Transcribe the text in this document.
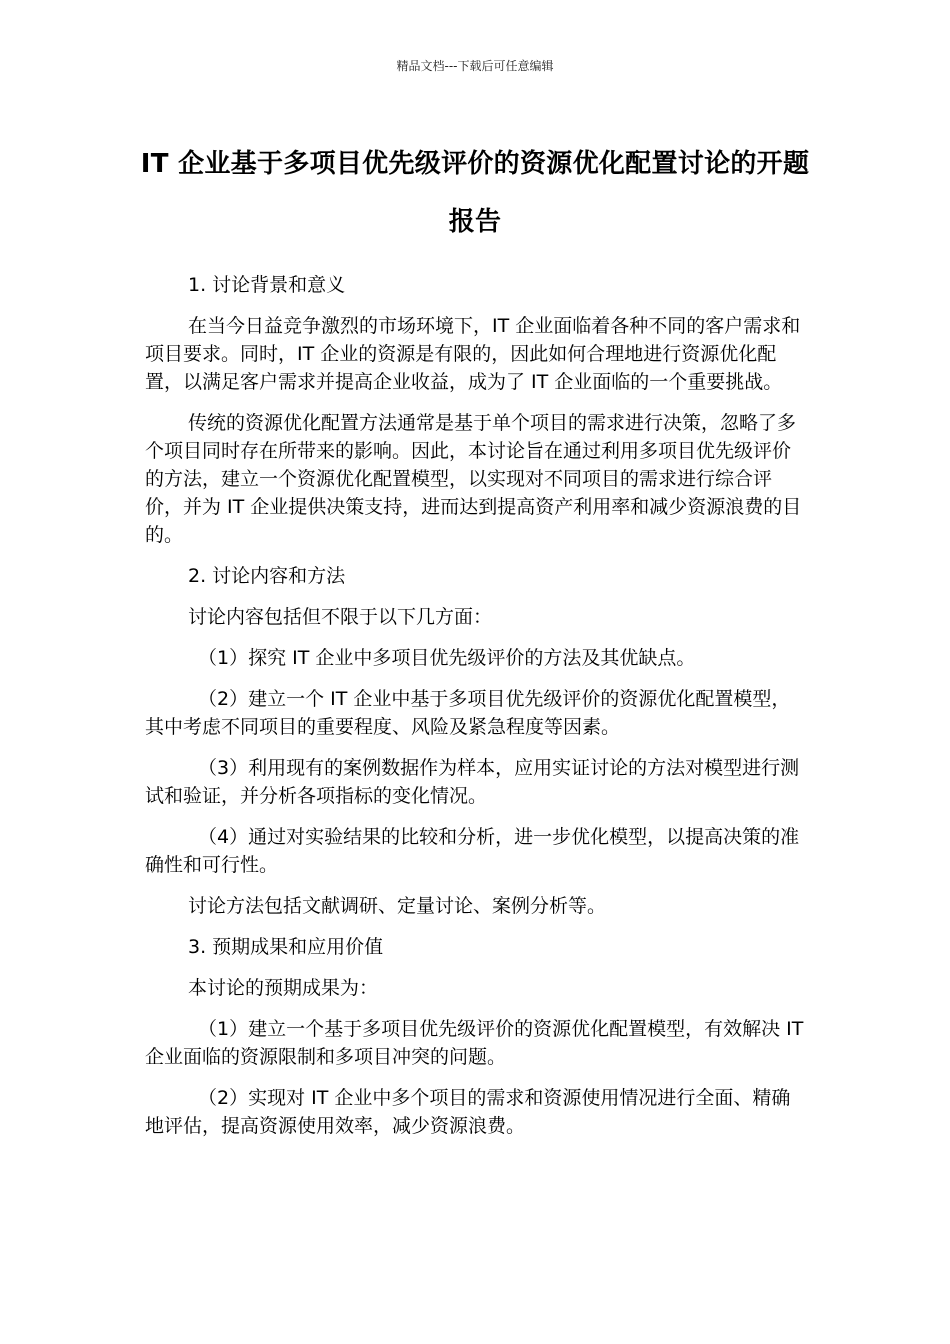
精品文档---下载后可任意编辑
IT 企业基于多项目优先级评价的资源优化配置讨论的开题报告

1. 讨论背景和意义

在当今日益竞争激烈的市场环境下，IT 企业面临着各种不同的客户需求和项目要求。同时，IT 企业的资源是有限的，因此如何合理地进行资源优化配置，以满足客户需求并提高企业收益，成为了 IT 企业面临的一个重要挑战。

传统的资源优化配置方法通常是基于单个项目的需求进行决策，忽略了多个项目同时存在所带来的影响。因此，本讨论旨在通过利用多项目优先级评价的方法，建立一个资源优化配置模型，以实现对不同项目的需求进行综合评价，并为 IT 企业提供决策支持，进而达到提高资产利用率和减少资源浪费的目的。

2. 讨论内容和方法

讨论内容包括但不限于以下几方面：

（1）探究 IT 企业中多项目优先级评价的方法及其优缺点。

（2）建立一个 IT 企业中基于多项目优先级评价的资源优化配置模型，其中考虑不同项目的重要程度、风险及紧急程度等因素。

（3）利用现有的案例数据作为样本，应用实证讨论的方法对模型进行测试和验证，并分析各项指标的变化情况。

（4）通过对实验结果的比较和分析，进一步优化模型，以提高决策的准确性和可行性。

讨论方法包括文献调研、定量讨论、案例分析等。

3. 预期成果和应用价值

本讨论的预期成果为：

（1）建立一个基于多项目优先级评价的资源优化配置模型，有效解决 IT 企业面临的资源限制和多项目冲突的问题。

（2）实现对 IT 企业中多个项目的需求和资源使用情况进行全面、精确地评估，提高资源使用效率，减少资源浪费。
